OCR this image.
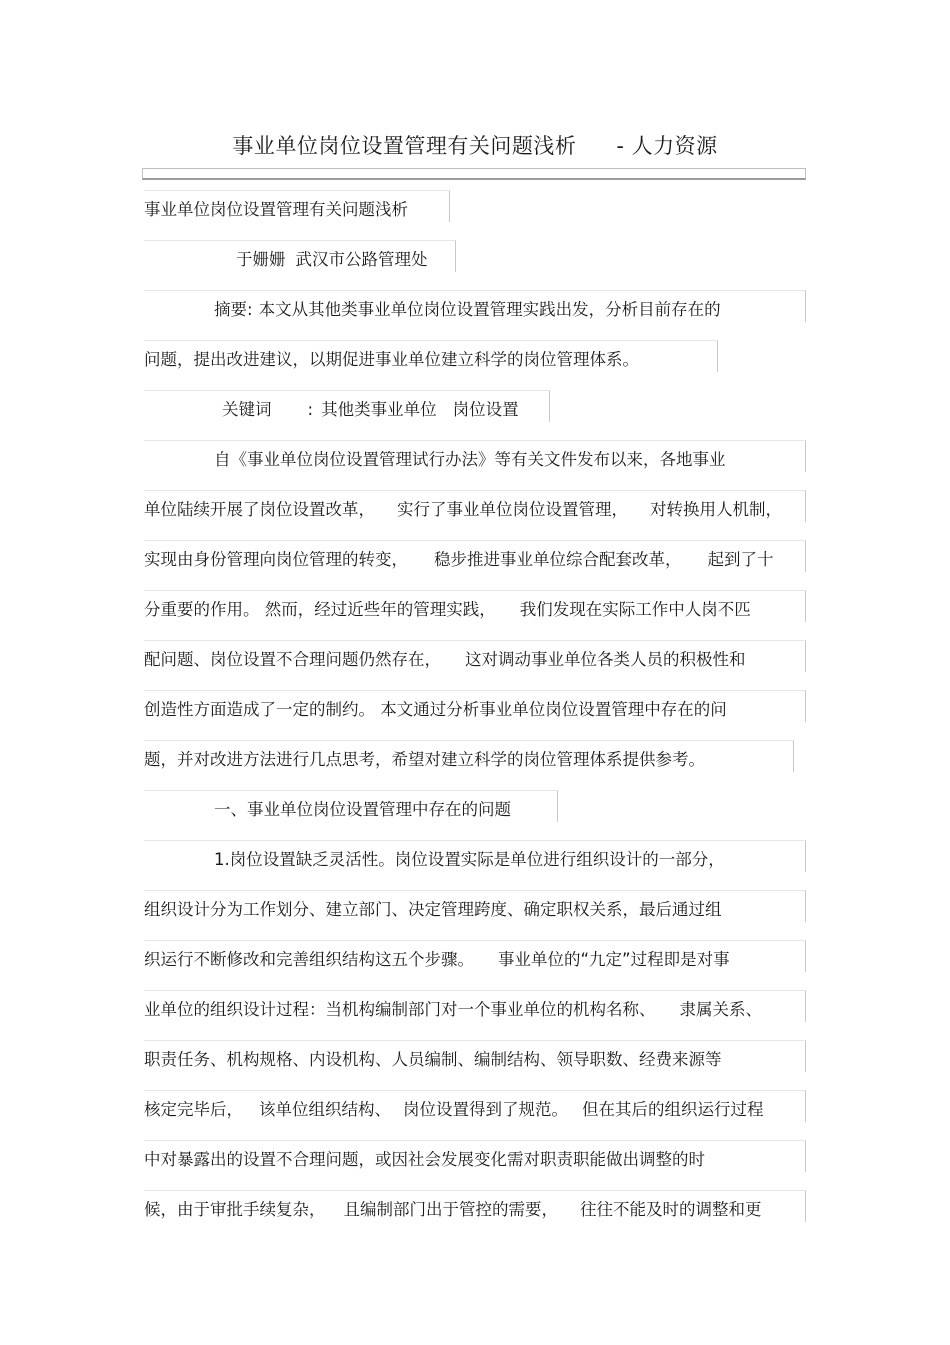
事业单位岗位设置管理有关问题浅析 - 人力资源
事业单位岗位设置管理有关问题浅析
于姗姗 武汉市公路管理处
摘要: 本文从其他类事业单位岗位设置管理实践出发，分析目前存在的
问题，提出改进建议，以期促进事业单位建立科学的岗位管理体系。
关键词 : 其他类事业单位 岗位设置
自《事业单位岗位设置管理试行办法》等有关文件发布以来，各地事业
单位陆续开展了岗位设置改革， 实行了事业单位岗位设置管理， 对转换用人机制，
实现由身份管理向岗位管理的转变， 稳步推进事业单位综合配套改革， 起到了十
分重要的作用。 然而，经过近些年的管理实践， 我们发现在实际工作中人岗不匹
配问题、岗位设置不合理问题仍然存在， 这对调动事业单位各类人员的积极性和
创造性方面造成了一定的制约。 本文通过分析事业单位岗位设置管理中存在的问
题，并对改进方法进行几点思考，希望对建立科学的岗位管理体系提供参考。
一、事业单位岗位设置管理中存在的问题
1.岗位设置缺乏灵活性。岗位设置实际是单位进行组织设计的一部分，
组织设计分为工作划分、建立部门、决定管理跨度、确定职权关系，最后通过组
织运行不断修改和完善组织结构这五个步骤。 事业单位的“九定”过程即是对事
业单位的组织设计过程：当机构编制部门对一个事业单位的机构名称、 隶属关系、
职责任务、机构规格、内设机构、人员编制、编制结构、领导职数、经费来源等
核定完毕后， 该单位组织结构、 岗位设置得到了规范。 但在其后的组织运行过程
中对暴露出的设置不合理问题，或因社会发展变化需对职责职能做出调整的时
候，由于审批手续复杂， 且编制部门出于管控的需要， 往往不能及时的调整和更
